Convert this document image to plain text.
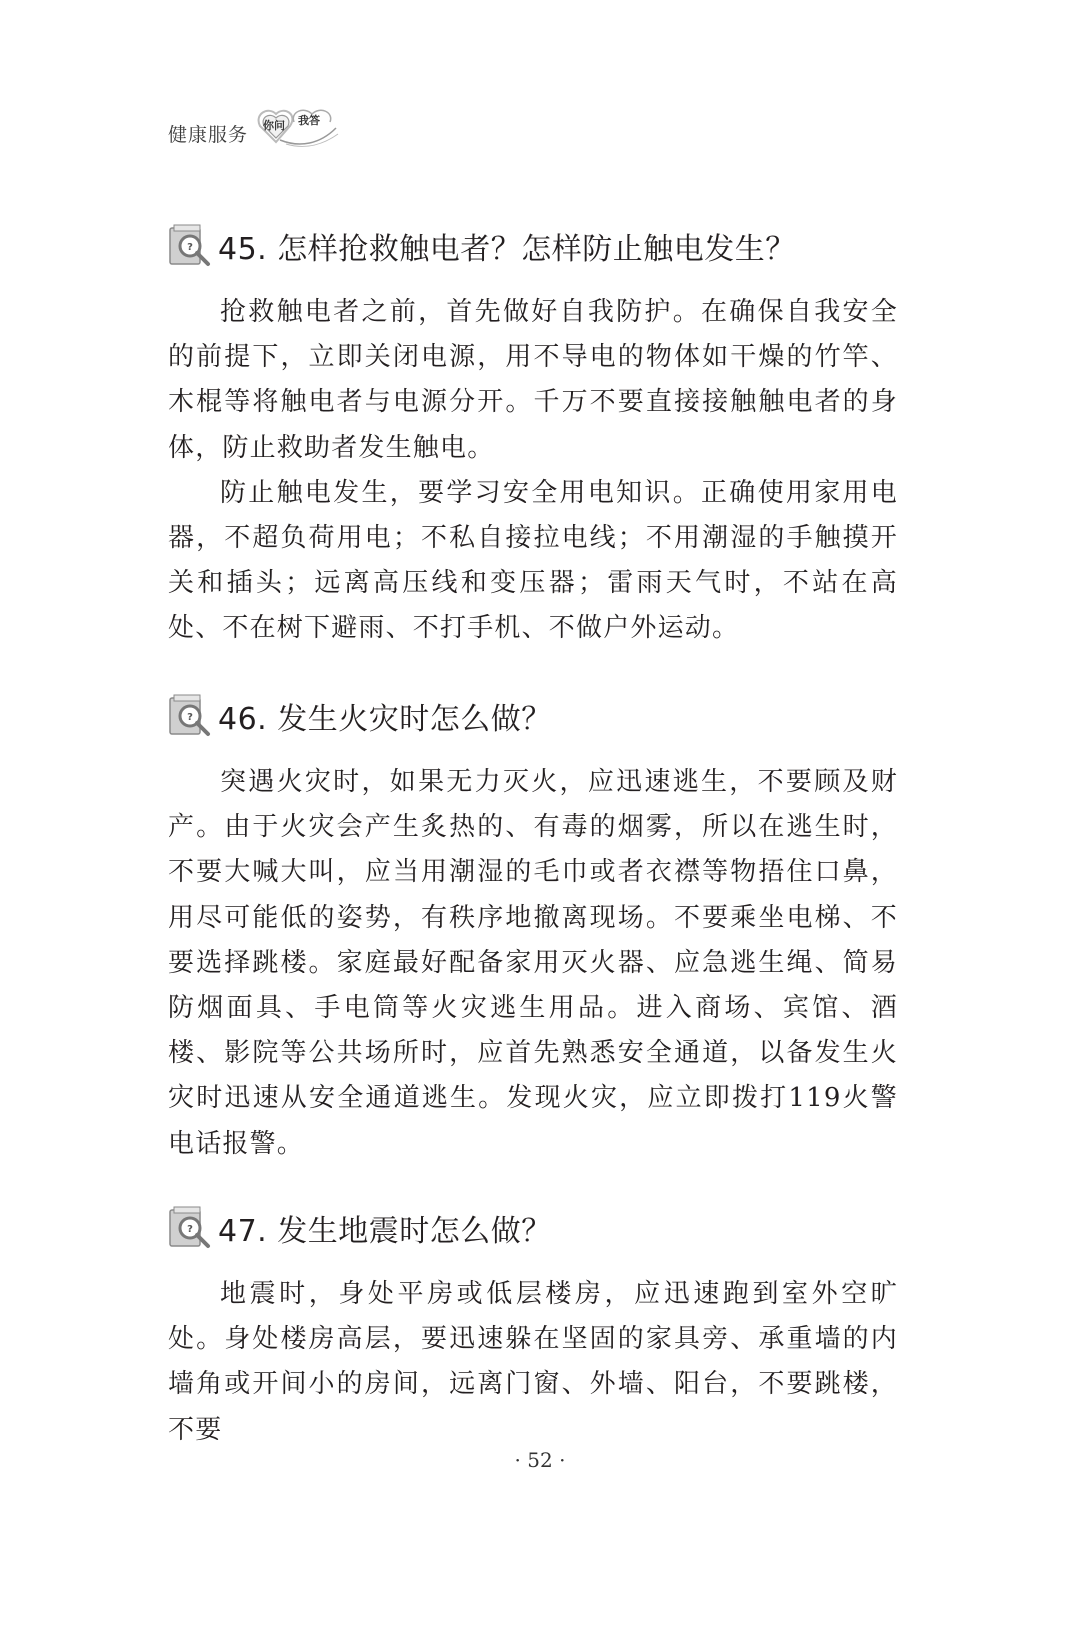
健康服务 你问 我答
? 45. 怎样抢救触电者？怎样防止触电发生？

抢救触电者之前，首先做好自我防护。在确保自我安全的前提下，立即关闭电源，用不导电的物体如干燥的竹竿、木棍等将触电者与电源分开。千万不要直接接触触电者的身体，防止救助者发生触电。

防止触电发生，要学习安全用电知识。正确使用家用电器，不超负荷用电；不私自接拉电线；不用潮湿的手触摸开关和插头；远离高压线和变压器；雷雨天气时，不站在高处、不在树下避雨、不打手机、不做户外运动。

? 46. 发生火灾时怎么做？

突遇火灾时，如果无力灭火，应迅速逃生，不要顾及财产。由于火灾会产生炙热的、有毒的烟雾，所以在逃生时，不要大喊大叫，应当用潮湿的毛巾或者衣襟等物捂住口鼻，用尽可能低的姿势，有秩序地撤离现场。不要乘坐电梯、不要选择跳楼。家庭最好配备家用灭火器、应急逃生绳、简易防烟面具、手电筒等火灾逃生用品。进入商场、宾馆、酒楼、影院等公共场所时，应首先熟悉安全通道，以备发生火灾时迅速从安全通道逃生。发现火灾，应立即拨打119火警电话报警。

? 47. 发生地震时怎么做？

地震时，身处平房或低层楼房，应迅速跑到室外空旷处。身处楼房高层，要迅速躲在坚固的家具旁、承重墙的内墙角或开间小的房间，远离门窗、外墙、阳台，不要跳楼，不要

· 52 ·
